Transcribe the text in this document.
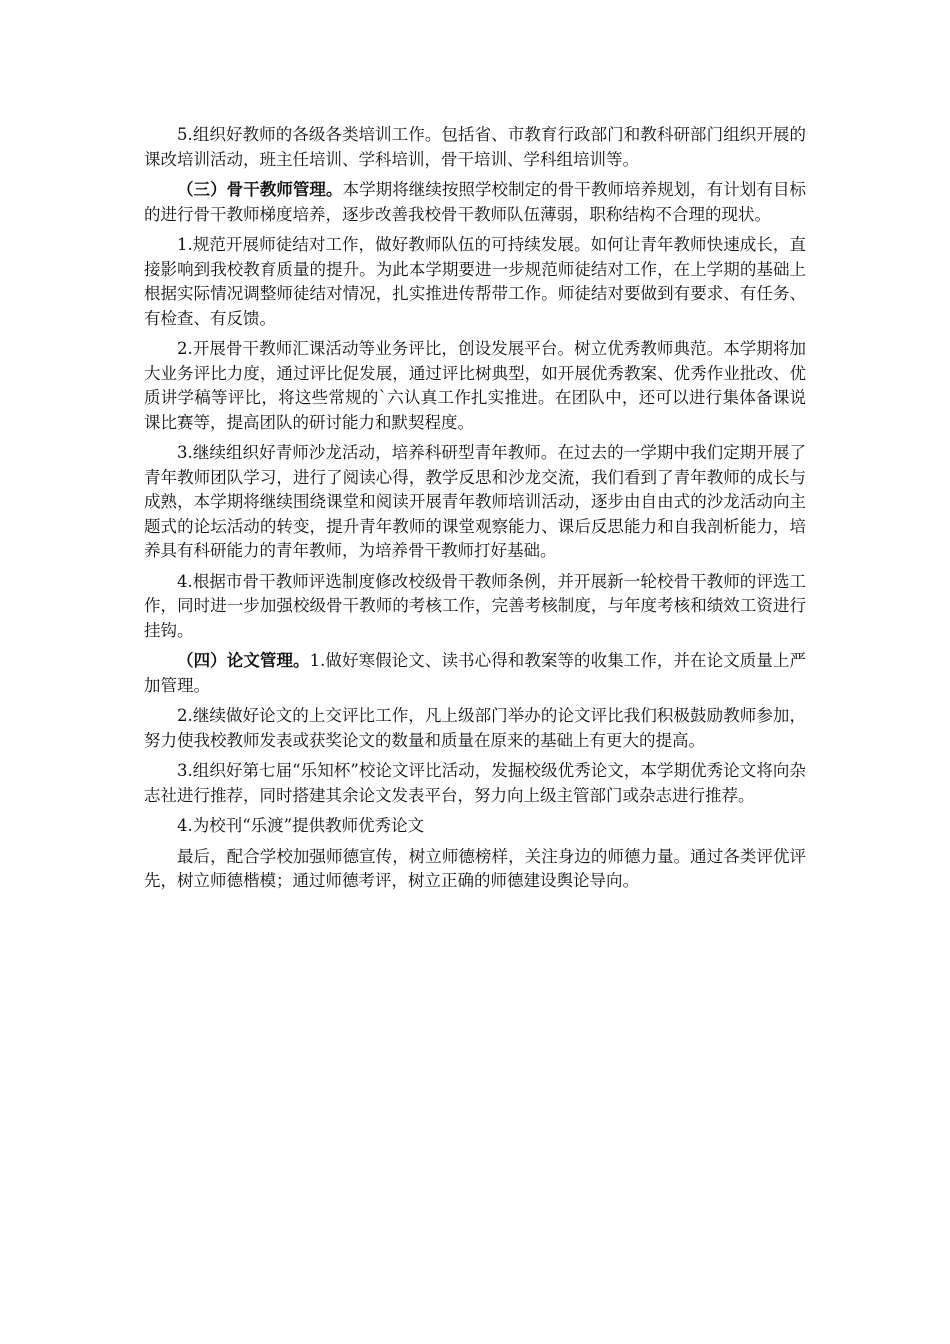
5.组织好教师的各级各类培训工作。包括省、市教育行政部门和教科研部门组织开展的课改培训活动，班主任培训、学科培训，骨干培训、学科组培训等。

（三）骨干教师管理。本学期将继续按照学校制定的骨干教师培养规划，有计划有目标的进行骨干教师梯度培养，逐步改善我校骨干教师队伍薄弱，职称结构不合理的现状。

1.规范开展师徒结对工作，做好教师队伍的可持续发展。如何让青年教师快速成长，直接影响到我校教育质量的提升。为此本学期要进一步规范师徒结对工作，在上学期的基础上根据实际情况调整师徒结对情况，扎实推进传帮带工作。师徒结对要做到有要求、有任务、有检查、有反馈。

2.开展骨干教师汇课活动等业务评比，创设发展平台。树立优秀教师典范。本学期将加大业务评比力度，通过评比促发展，通过评比树典型，如开展优秀教案、优秀作业批改、优质讲学稿等评比，将这些常规的`六认真工作扎实推进。在团队中，还可以进行集体备课说课比赛等，提高团队的研讨能力和默契程度。

3.继续组织好青师沙龙活动，培养科研型青年教师。在过去的一学期中我们定期开展了青年教师团队学习，进行了阅读心得，教学反思和沙龙交流，我们看到了青年教师的成长与成熟，本学期将继续围绕课堂和阅读开展青年教师培训活动，逐步由自由式的沙龙活动向主题式的论坛活动的转变，提升青年教师的课堂观察能力、课后反思能力和自我剖析能力，培养具有科研能力的青年教师，为培养骨干教师打好基础。

4.根据市骨干教师评选制度修改校级骨干教师条例，并开展新一轮校骨干教师的评选工作，同时进一步加强校级骨干教师的考核工作，完善考核制度，与年度考核和绩效工资进行挂钩。

（四）论文管理。1.做好寒假论文、读书心得和教案等的收集工作，并在论文质量上严加管理。

2.继续做好论文的上交评比工作，凡上级部门举办的论文评比我们积极鼓励教师参加，努力使我校教师发表或获奖论文的数量和质量在原来的基础上有更大的提高。

3.组织好第七届“乐知杯”校论文评比活动，发掘校级优秀论文，本学期优秀论文将向杂志社进行推荐，同时搭建其余论文发表平台，努力向上级主管部门或杂志进行推荐。

4.为校刊“乐渡”提供教师优秀论文

最后，配合学校加强师德宣传，树立师德榜样，关注身边的师德力量。通过各类评优评先，树立师德楷模；通过师德考评，树立正确的师德建设舆论导向。
